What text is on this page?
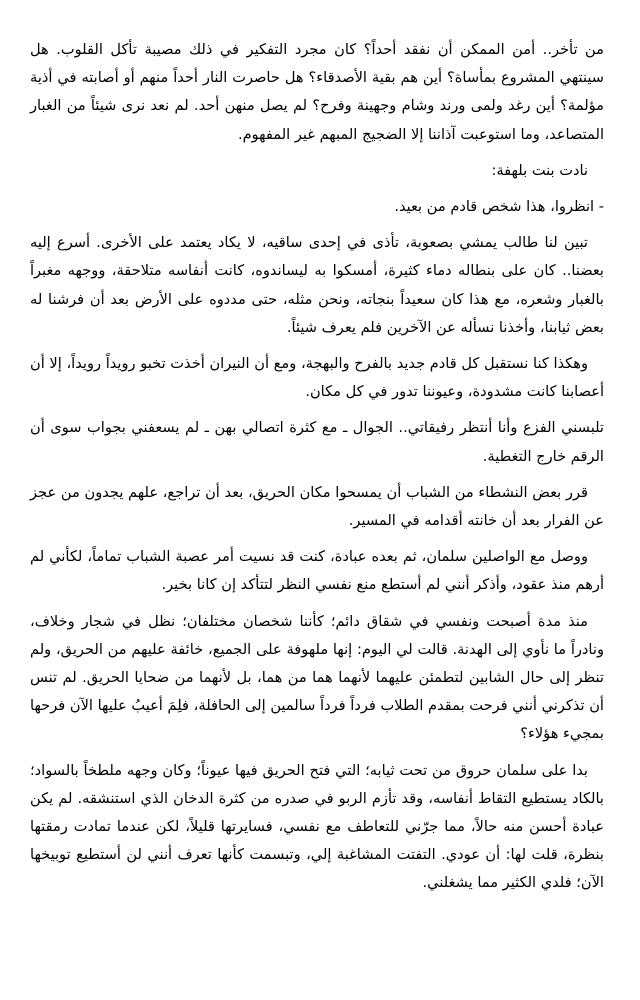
من تأخر.. أمن الممكن أن نفقد أحداً؟ كان مجرد التفكير في ذلك مصيبة تأكل القلوب. هل سينتهي المشروع بمأساة؟ أين هم بقية الأصدقاء؟ هل حاصرت النار أحداً منهم أو أصابته في أذية مؤلمة؟ أين رغد ولمى ورند وشام وجهينة وفرح؟ لم يصل منهن أحد. لم نعد نرى شيئاً من الغبار المتصاعد، وما استوعبت آذاننا إلا الضجيج المبهم غير المفهوم.

نادت بنت بلهفة:

- انظروا، هذا شخص قادم من بعيد.

تبين لنا طالب يمشي بصعوبة، تأذى في إحدى ساقيه، لا يكاد يعتمد على الأخرى. أسرع إليه بعضنا.. كان على بنطاله دماء كثيرة، أمسكوا به ليساندوه، كانت أنفاسه متلاحقة، ووجهه مغبراً بالغبار وشعره، مع هذا كان سعيداً بنجاته، ونحن مثله، حتى مددوه على الأرض بعد أن فرشنا له بعض ثيابنا، وأخذنا نسأله عن الآخرين فلم يعرف شيئاً.

وهكذا كنا نستقبل كل قادم جديد بالفرح والبهجة، ومع أن النيران أخذت تخبو رويداً رويداً، إلا أن أعصابنا كانت مشدودة، وعيوننا تدور في كل مكان.

تلبسني الفزع وأنا أنتظر رفيقاتي.. الجوال ـ مع كثرة اتصالي بهن ـ لم يسعفني بجواب سوى أن الرقم خارج التغطية.

قرر بعض النشطاء من الشباب أن يمسحوا مكان الحريق، بعد أن تراجع، علهم يجدون من عجز عن الفرار بعد أن خانته أقدامه في المسير.

ووصل مع الواصلين سلمان، ثم بعده عبادة، كنت قد نسيت أمر عصبة الشباب تماماً، لكأني لم أرهم منذ عقود، وأذكر أنني لم أستطع منع نفسي النظر لتتأكد إن كانا بخير.

منذ مدة أصبحت ونفسي في شقاق دائم؛ كأننا شخصان مختلفان؛ نظل في شجار وخلاف، ونادراً ما نأوي إلى الهدنة. قالت لي اليوم: إنها ملهوفة على الجميع، خائفة عليهم من الحريق، ولم تنظر إلى حال الشابين لتطمئن عليهما لأنهما هما من هما، بل لأنهما من ضحايا الحريق. لم تنس أن تذكرني أنني فرحت بمقدم الطلاب فرداً فرداً سالمين إلى الحافلة، فلِمَ أعيبُ عليها الآن فرحها بمجيء هؤلاء؟

بدا على سلمان حروق من تحت ثيابه؛ التي فتح الحريق فيها عيوناً؛ وكان وجهه ملطخاً بالسواد؛ بالكاد يستطيع التقاط أنفاسه، وقد تأزم الربو في صدره من كثرة الدخان الذي استنشقه. لم يكن عبادة أحسن منه حالاً، مما جرّني للتعاطف مع نفسي، فسايرتها قليلاً، لكن عندما تمادت رمقتها بنظرة، قلت لها: أن عودي. التفتت المشاغبة إلي، وتبسمت كأنها تعرف أنني لن أستطيع توبيخها الآن؛ فلدي الكثير مما يشغلني.
